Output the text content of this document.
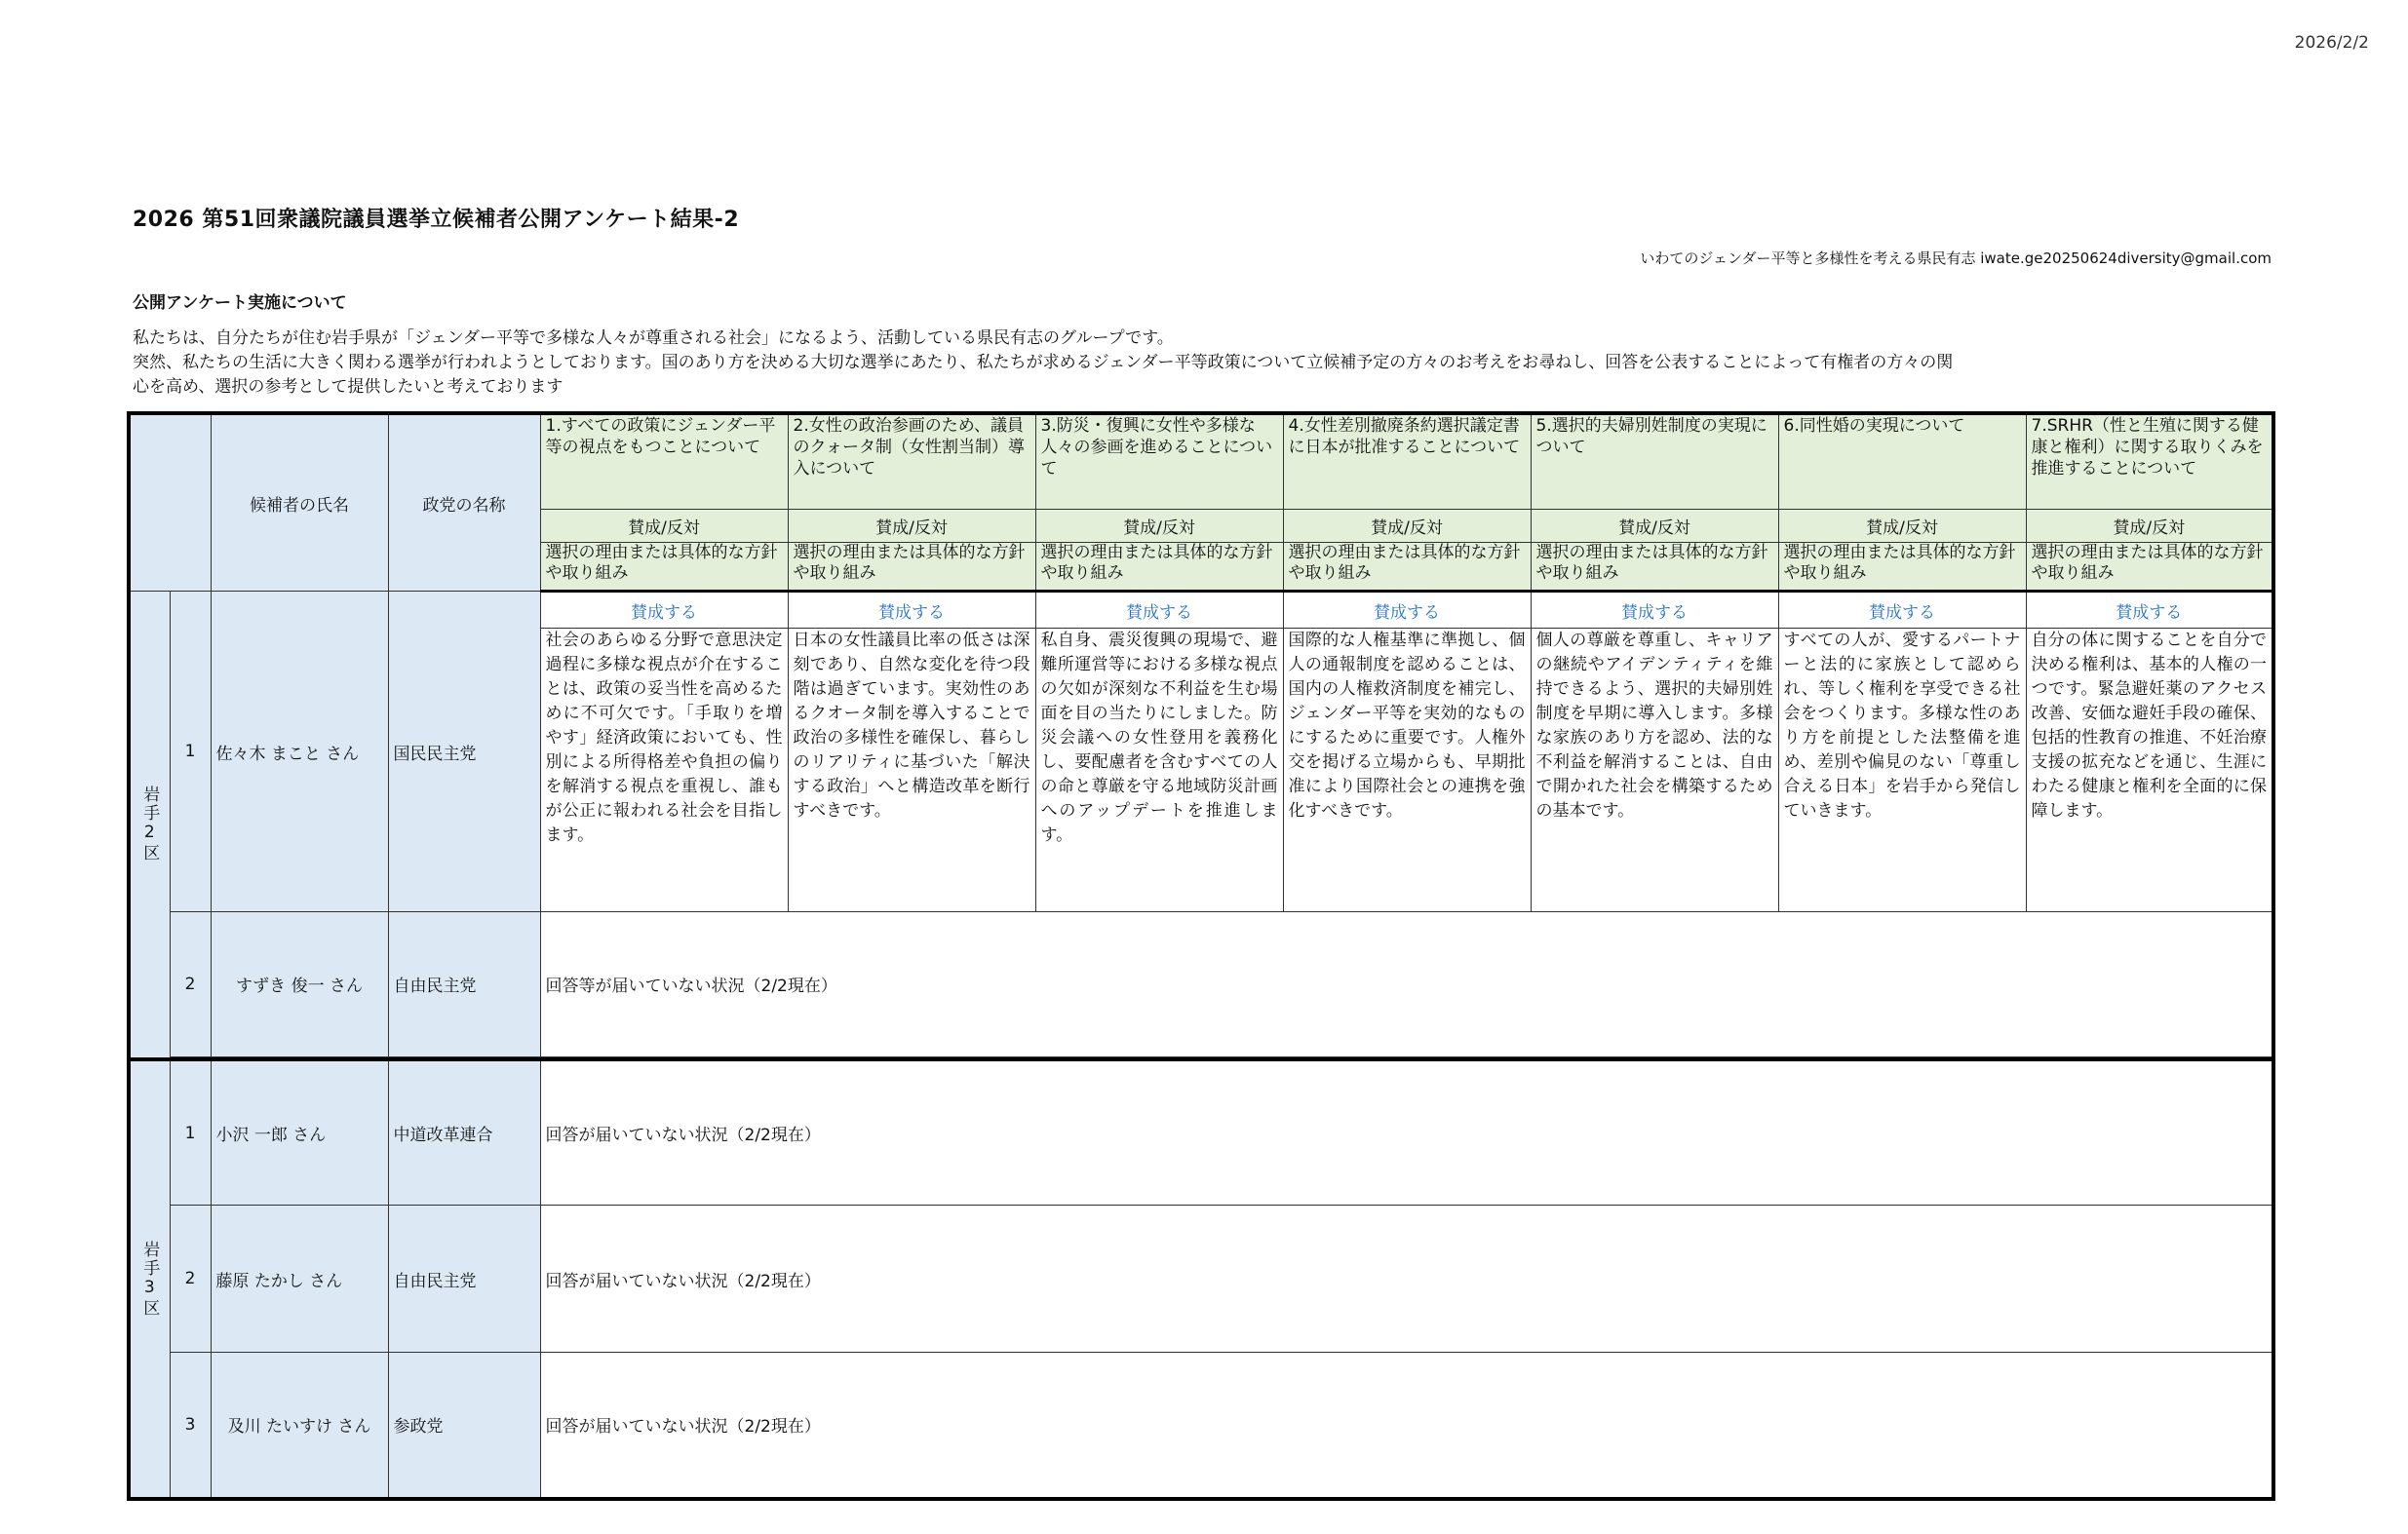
2026/2/2
2026 第51回衆議院議員選挙立候補者公開アンケート結果-2
いわてのジェンダー平等と多様性を考える県民有志 iwate.ge20250624diversity@gmail.com
公開アンケート実施について
私たちは、自分たちが住む岩手県が「ジェンダー平等で多様な人々が尊重される社会」になるよう、活動している県民有志のグループです。
突然、私たちの生活に大きく関わる選挙が行われようとしております。国のあり方を決める大切な選挙にあたり、私たちが求めるジェンダー平等政策について立候補予定の方々のお考えをお尋ねし、回答を公表することによって有権者の方々の関
心を高め、選択の参考として提供したいと考えております
		候補者の氏名	政党の名称	1.すべての政策にジェンダー平等の視点をもつことについて	2.女性の政治参画のため、議員のクォータ制（女性割当制）導入について	3.防災・復興に女性や多様な人々の参画を進めることについて	4.女性差別撤廃条約選択議定書に日本が批准することについて	5.選択的夫婦別姓制度の実現について	6.同性婚の実現について	7.SRHR（性と生殖に関する健康と権利）に関する取りくみを推進することについて
				賛成/反対	賛成/反対	賛成/反対	賛成/反対	賛成/反対	賛成/反対	賛成/反対
				選択の理由または具体的な方針や取り組み	選択の理由または具体的な方針や取り組み	選択の理由または具体的な方針や取り組み	選択の理由または具体的な方針や取り組み	選択の理由または具体的な方針や取り組み	選択の理由または具体的な方針や取り組み	選択の理由または具体的な方針や取り組み
岩手2区	1	佐々木 まこと さん	国民民主党	賛成する	賛成する	賛成する	賛成する	賛成する	賛成する	賛成する
				社会のあらゆる分野で意思決定過程に多様な視点が介在することは、政策の妥当性を高めるために不可欠です。「手取りを増やす」経済政策においても、性別による所得格差や負担の偏りを解消する視点を重視し、誰もが公正に報われる社会を目指します。	日本の女性議員比率の低さは深刻であり、自然な変化を待つ段階は過ぎています。実効性のあるクオータ制を導入することで政治の多様性を確保し、暮らしのリアリティに基づいた「解決する政治」へと構造改革を断行すべきです。	私自身、震災復興の現場で、避難所運営等における多様な視点の欠如が深刻な不利益を生む場面を目の当たりにしました。防災会議への女性登用を義務化し、要配慮者を含むすべての人の命と尊厳を守る地域防災計画へのアップデートを推進します。	国際的な人権基準に準拠し、個人の通報制度を認めることは、国内の人権救済制度を補完し、ジェンダー平等を実効的なものにするために重要です。人権外交を掲げる立場からも、早期批准により国際社会との連携を強化すべきです。	個人の尊厳を尊重し、キャリアの継続やアイデンティティを維持できるよう、選択的夫婦別姓制度を早期に導入します。多様な家族のあり方を認め、法的な不利益を解消することは、自由で開かれた社会を構築するための基本です。	すべての人が、愛するパートナーと法的に家族として認められ、等しく権利を享受できる社会をつくります。多様な性のあり方を前提とした法整備を進め、差別や偏見のない「尊重し合える日本」を岩手から発信していきます。	自分の体に関することを自分で決める権利は、基本的人権の一つです。緊急避妊薬のアクセス改善、安価な避妊手段の確保、包括的性教育の推進、不妊治療支援の拡充などを通じ、生涯にわたる健康と権利を全面的に保障します。
	2	すずき 俊一 さん	自由民主党	回答等が届いていない状況（2/2現在）						

岩手3区	1	小沢 一郎 さん	中道改革連合	回答が届いていない状況（2/2現在）						
	2	藤原 たかし さん	自由民主党	回答が届いていない状況（2/2現在）						
	3	及川 たいすけ さん	参政党	回答が届いていない状況（2/2現在）						
